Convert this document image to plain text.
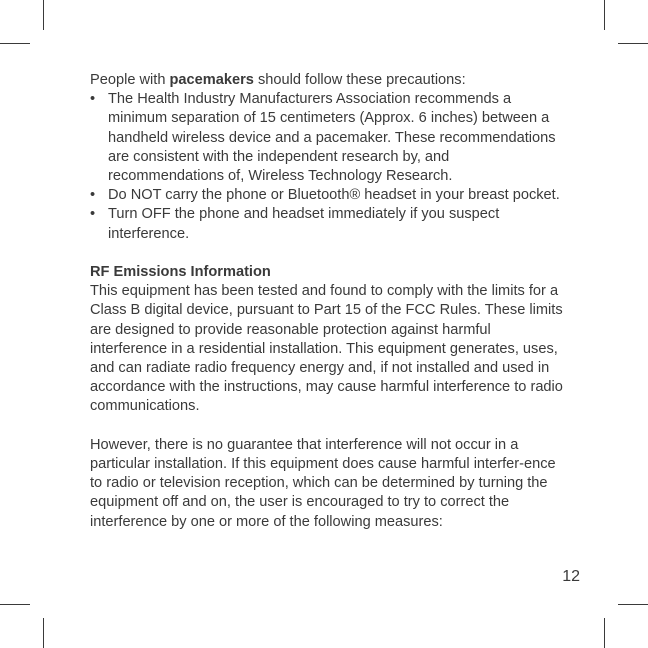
People with pacemakers should follow these precautions:

• The Health Industry Manufacturers Association recommends a minimum separation of 15 centimeters (Approx. 6 inches) between a handheld wireless device and a pacemaker. These recommendations are consistent with the independent research by, and recommendations of, Wireless Technology Research.
• Do NOT carry the phone or Bluetooth® headset in your breast pocket.
• Turn OFF the phone and headset immediately if you suspect interference.

RF Emissions Information

This equipment has been tested and found to comply with the limits for a Class B digital device, pursuant to Part 15 of the FCC Rules. These limits are designed to provide reasonable protection against harmful interference in a residential installation. This equipment generates, uses, and can radiate radio frequency energy and, if not installed and used in accordance with the instructions, may cause harmful interference to radio communications.

However, there is no guarantee that interference will not occur in a particular installation. If this equipment does cause harmful interfer-ence to radio or television reception, which can be determined by turning the equipment off and on, the user is encouraged to try to correct the interference by one or more of the following measures:

12
